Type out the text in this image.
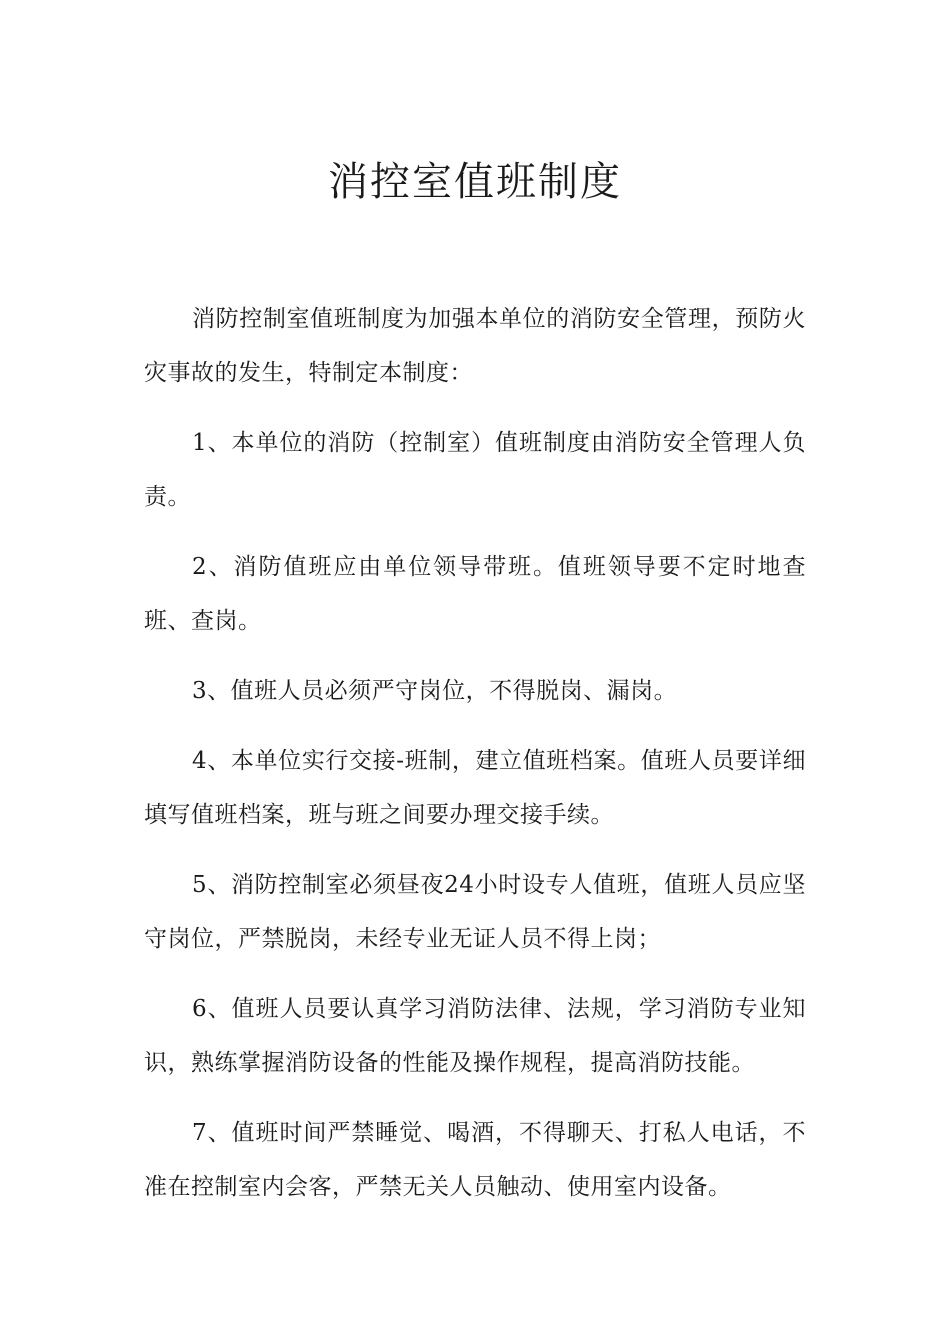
消控室值班制度

消防控制室值班制度为加强本单位的消防安全管理，预防火灾事故的发生，特制定本制度：

1、本单位的消防（控制室）值班制度由消防安全管理人负责。

2、消防值班应由单位领导带班。值班领导要不定时地查班、查岗。

3、值班人员必须严守岗位，不得脱岗、漏岗。

4、本单位实行交接-班制，建立值班档案。值班人员要详细填写值班档案，班与班之间要办理交接手续。

5、消防控制室必须昼夜24小时设专人值班，值班人员应坚守岗位，严禁脱岗，未经专业无证人员不得上岗；

6、值班人员要认真学习消防法律、法规，学习消防专业知识，熟练掌握消防设备的性能及操作规程，提高消防技能。

7、值班时间严禁睡觉、喝酒，不得聊天、打私人电话，不准在控制室内会客，严禁无关人员触动、使用室内设备。
